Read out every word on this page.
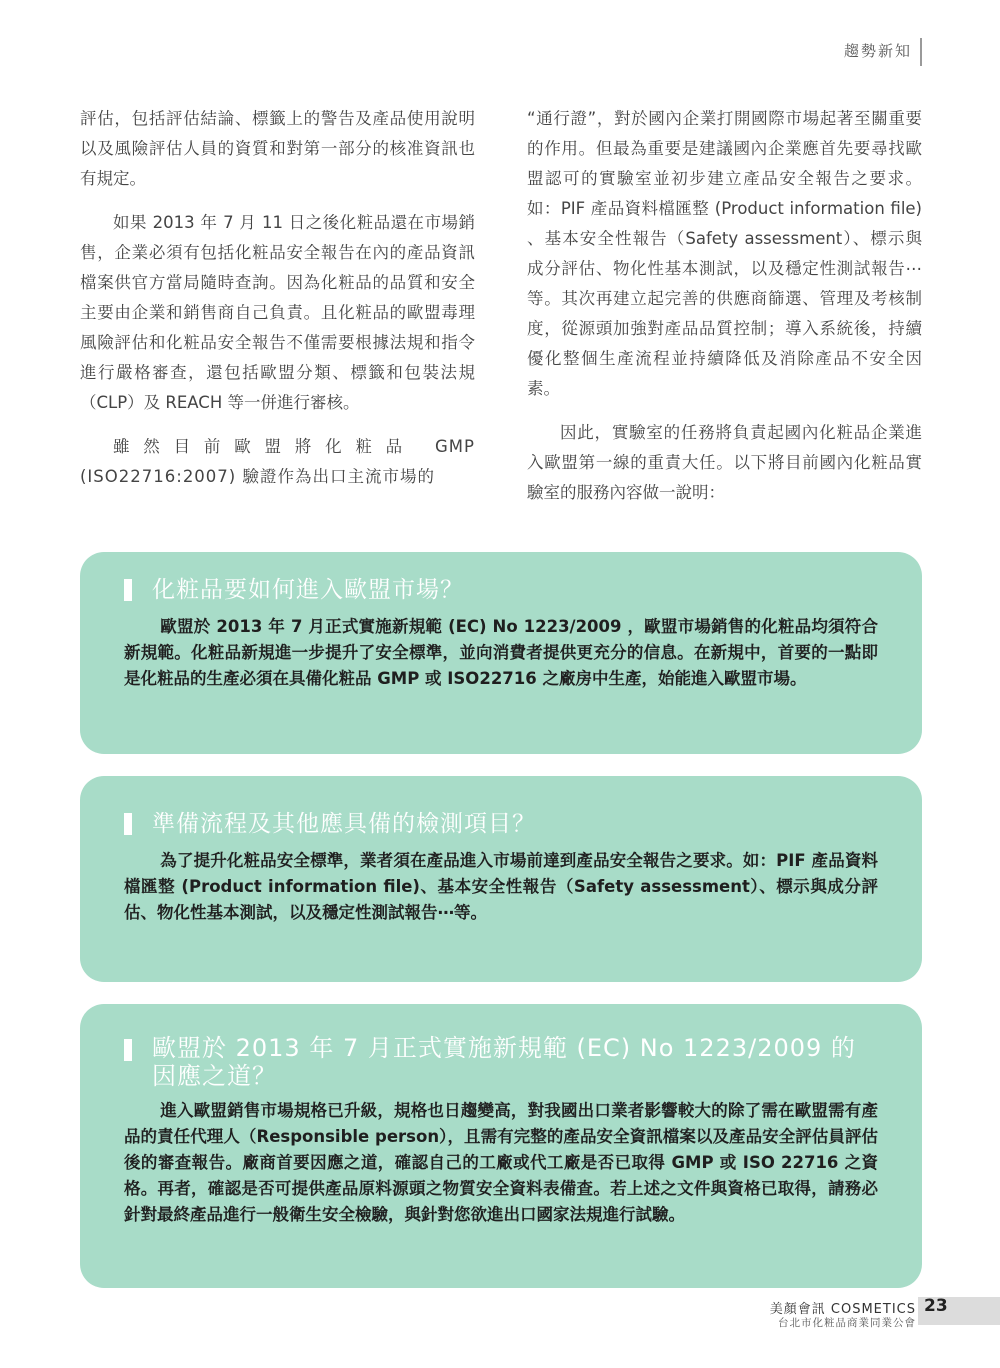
趨勢新知

評估，包括評估結論、標籤上的警告及產品使用說明以及風險評估人員的資質和對第一部分的核准資訊也有規定。

如果 2013 年 7 月 11 日之後化粧品還在市場銷售，企業必須有包括化粧品安全報告在內的產品資訊檔案供官方當局隨時查詢。因為化粧品的品質和安全主要由企業和銷售商自己負責。且化粧品的歐盟毒理風險評估和化粧品安全報告不僅需要根據法規和指令進行嚴格審查，還包括歐盟分類、標籤和包裝法規（CLP）及 REACH 等一併進行審核。

雖然目前歐盟將化粧品 GMP (ISO22716:2007) 驗證作為出口主流市場的

“通行證”，對於國內企業打開國際市場起著至關重要的作用。但最為重要是建議國內企業應首先要尋找歐盟認可的實驗室並初步建立產品安全報告之要求。如：PIF 產品資料檔匯整 (Product information file) 、基本安全性報告（Safety assessment）、標示與成分評估、物化性基本測試，以及穩定性測試報告⋯等。其次再建立起完善的供應商篩選、管理及考核制度，從源頭加強對產品品質控制；導入系統後，持續優化整個生產流程並持續降低及消除產品不安全因素。

因此，實驗室的任務將負責起國內化粧品企業進入歐盟第一線的重責大任。以下將目前國內化粧品實驗室的服務內容做一說明：

化粧品要如何進入歐盟市場？
歐盟於 2013 年 7 月正式實施新規範 (EC) No 1223/2009 ，歐盟市場銷售的化粧品均須符合新規範。化粧品新規進一步提升了安全標準，並向消費者提供更充分的信息。在新規中，首要的一點即是化粧品的生產必須在具備化粧品 GMP 或 ISO22716 之廠房中生產，始能進入歐盟市場。
準備流程及其他應具備的檢測項目？
為了提升化粧品安全標準，業者須在產品進入市場前達到產品安全報告之要求。如：PIF 產品資料檔匯整 (Product information file)、基本安全性報告（Safety assessment）、標示與成分評估、物化性基本測試，以及穩定性測試報告⋯等。
歐盟於 2013 年 7 月正式實施新規範 (EC) No 1223/2009 的因應之道？
進入歐盟銷售市場規格已升級，規格也日趨變高，對我國出口業者影響較大的除了需在歐盟需有產品的責任代理人（Responsible person），且需有完整的產品安全資訊檔案以及產品安全評估員評估後的審查報告。廠商首要因應之道，確認自己的工廠或代工廠是否已取得 GMP 或 ISO 22716 之資格。再者，確認是否可提供產品原料源頭之物質安全資料表備查。若上述之文件與資格已取得，請務必針對最終產品進行一般衛生安全檢驗，與針對您欲進出口國家法規進行試驗。
美顏會訊 COSMETICS
台北市化粧品商業同業公會
23
